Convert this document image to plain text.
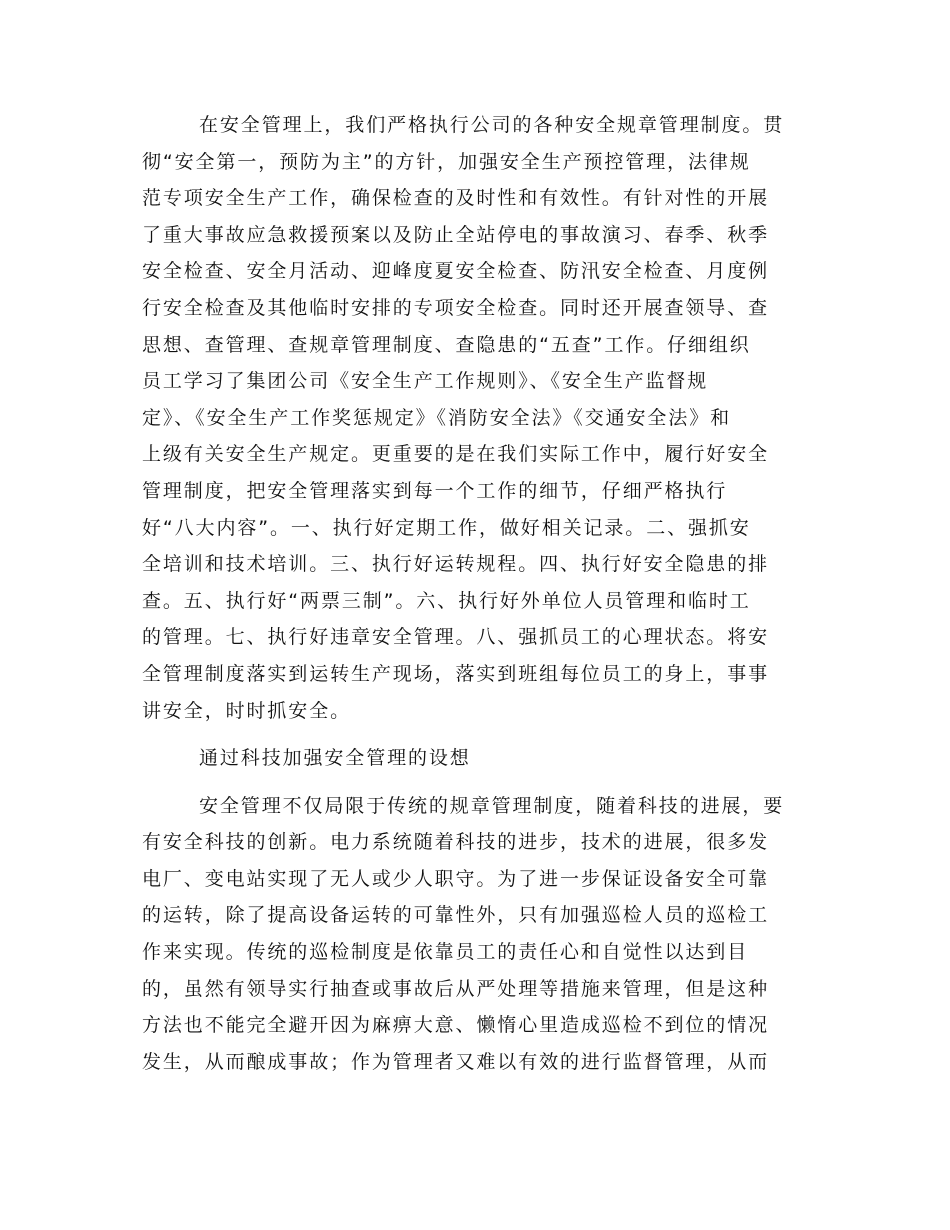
在安全管理上，我们严格执行公司的各种安全规章管理制度。贯
彻“安全第一，预防为主”的方针，加强安全生产预控管理，法律规
范专项安全生产工作，确保检查的及时性和有效性。有针对性的开展
了重大事故应急救援预案以及防止全站停电的事故演习、春季、秋季
安全检查、安全月活动、迎峰度夏安全检查、防汛安全检查、月度例
行安全检查及其他临时安排的专项安全检查。同时还开展查领导、查
思想、查管理、查规章管理制度、查隐患的“五查”工作。仔细组织
员工学习了集团公司《安全生产工作规则》、《安全生产监督规
定》、《安全生产工作奖惩规定》《消防安全法》《交通安全法》和
上级有关安全生产规定。更重要的是在我们实际工作中，履行好安全
管理制度，把安全管理落实到每一个工作的细节，仔细严格执行
好“八大内容”。一、执行好定期工作，做好相关记录。二、强抓安
全培训和技术培训。三、执行好运转规程。四、执行好安全隐患的排
查。五、执行好“两票三制”。六、执行好外单位人员管理和临时工
的管理。七、执行好违章安全管理。八、强抓员工的心理状态。将安
全管理制度落实到运转生产现场，落实到班组每位员工的身上，事事
讲安全，时时抓安全。
通过科技加强安全管理的设想
安全管理不仅局限于传统的规章管理制度，随着科技的进展，要
有安全科技的创新。电力系统随着科技的进步，技术的进展，很多发
电厂、变电站实现了无人或少人职守。为了进一步保证设备安全可靠
的运转，除了提高设备运转的可靠性外，只有加强巡检人员的巡检工
作来实现。传统的巡检制度是依靠员工的责任心和自觉性以达到目
的，虽然有领导实行抽查或事故后从严处理等措施来管理，但是这种
方法也不能完全避开因为麻痹大意、懒惰心里造成巡检不到位的情况
发生，从而酿成事故；作为管理者又难以有效的进行监督管理，从而
